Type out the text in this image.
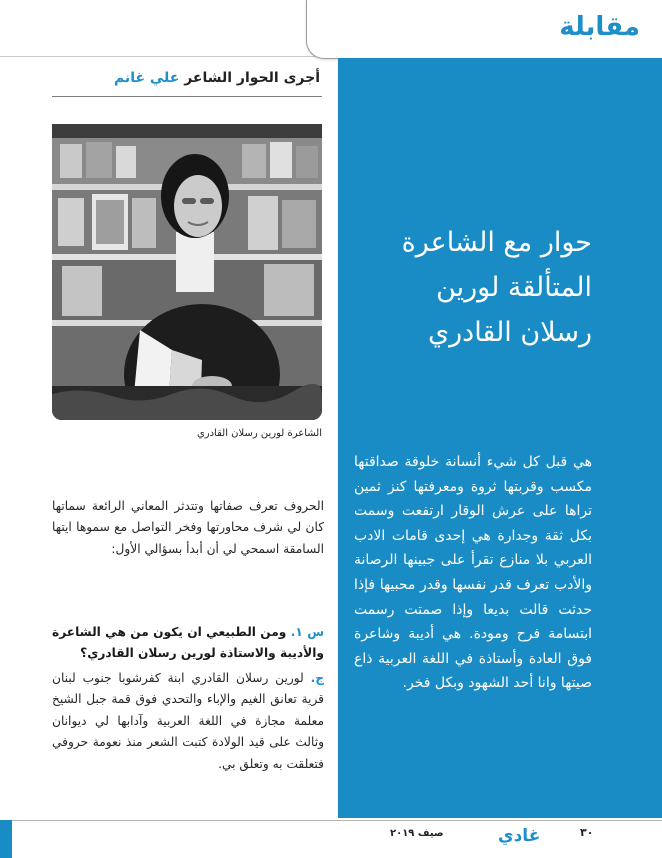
مقابلة

أجرى الحوار الشاعر علي غانم

حوار مع الشاعرة
المتألقة لورين
رسلان القادري

هي قبل كل شيء أنسانة خلوقة صداقتها مكسب وقربتها ثروة ومعرفتها كنز ثمين تراها على عرش الوقار ارتفعت وسمت بكل ثقة وجدارة هي إحدى قامات الادب العربي بلا منازع تقرأ على جبينها الرصانة والأدب تعرف قدر نفسها وقدر محبيها فإذا حدثت قالت بديعا وإذا صمتت رسمت ابتسامة فرح ومودة. هي أديبة وشاعرة فوق العادة وأستاذة في اللغة العربية ذاع صيتها وانا أحد الشهود وبكل فخر.

الشاعرة لورين رسلان القادري

الحروف تعرف صفاتها وتتدثر المعاني الرائعة سماتها كان لي شرف محاورتها وفخر التواصل مع سموها ايتها السامقة اسمحي لي أن أبدأ بسؤالي الأول:

س ١. ومن الطبيعي ان يكون من هي الشاعرة والأديبة والاستاذة لورين رسلان القادري؟

ج. لورين رسلان القادري ابنة كفرشوبا جنوب لبنان قرية تعانق الغيم والإباء والتحدي فوق قمة جبل الشيخ معلمة مجازة في اللغة العربية وآدابها لي ديوانان وثالث على قيد الولادة كتبت الشعر منذ نعومة حروفي فتعلقت به وتعلق بي.

غادي

صيف ٢٠١٩	٣٠
